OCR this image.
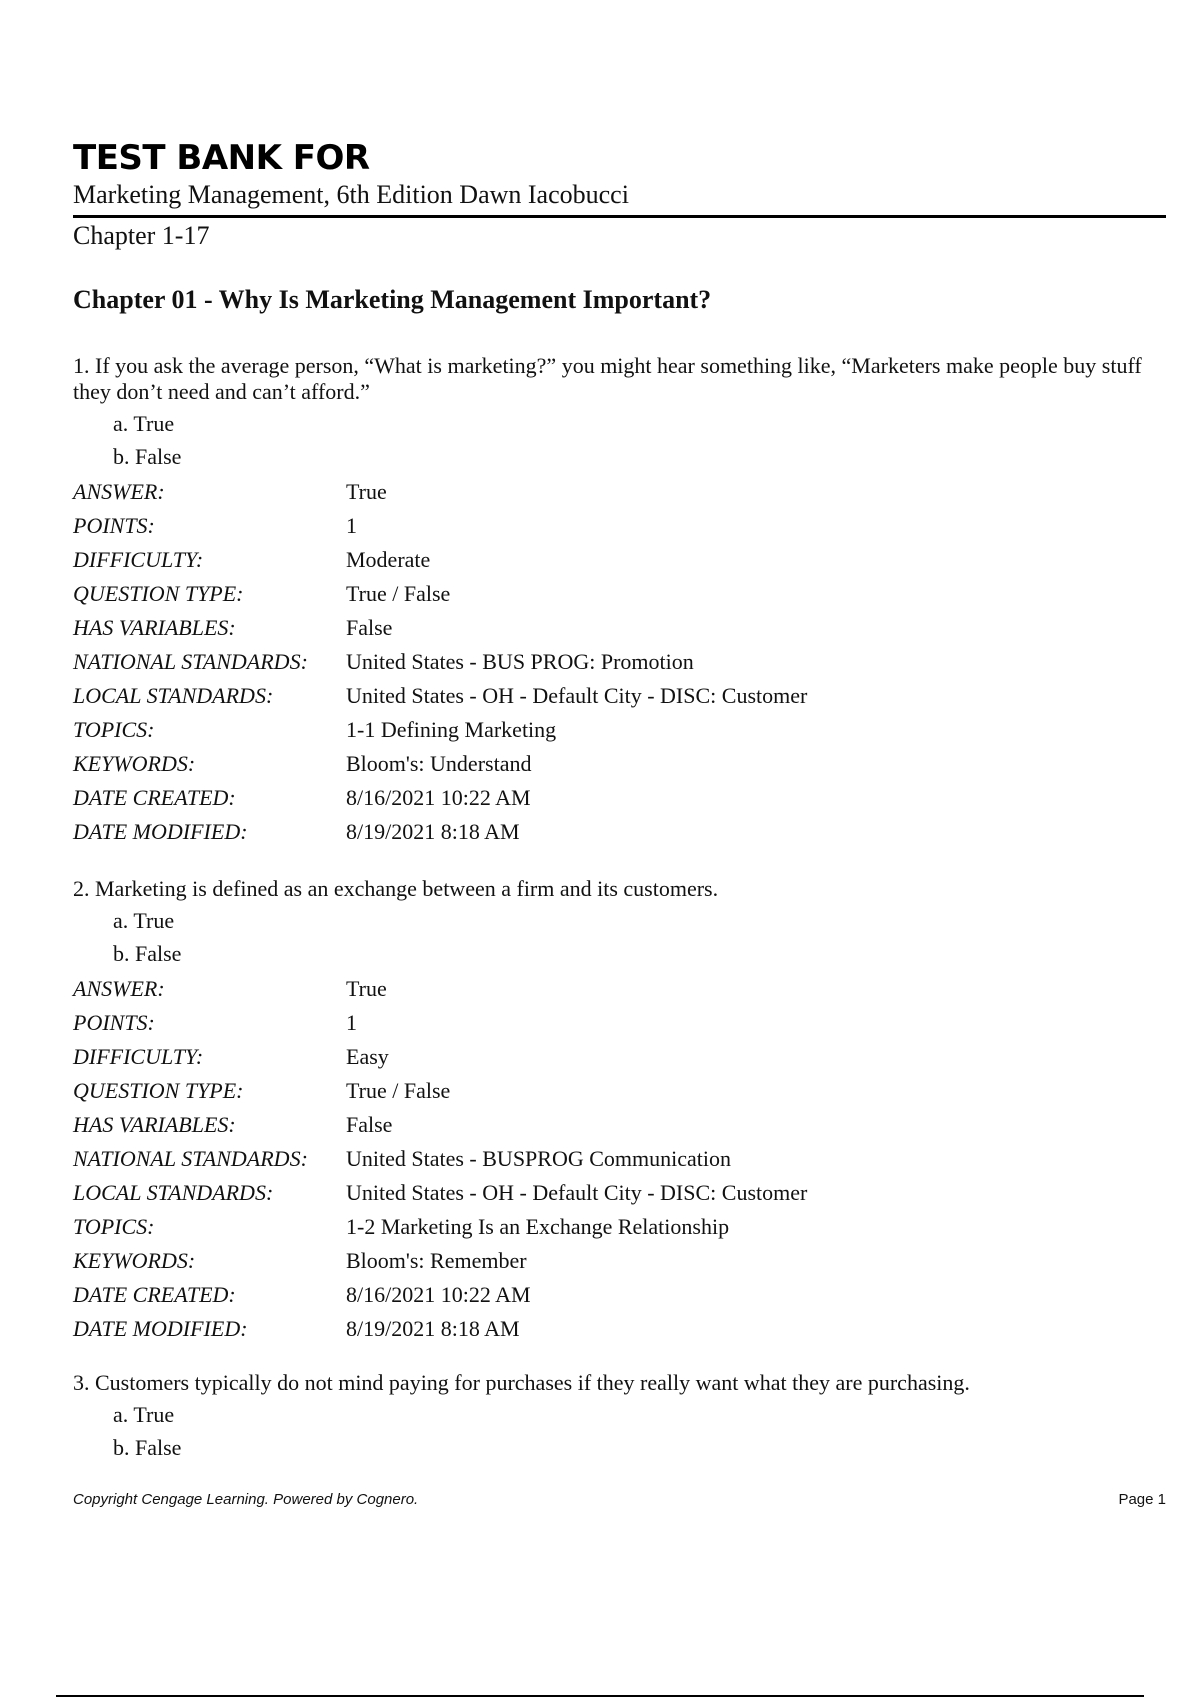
TEST BANK FOR

Marketing Management, 6th Edition Dawn Iacobucci

Chapter 1-17

Chapter 01 - Why Is Marketing Management Important?

1. If you ask the average person, “What is marketing?” you might hear something like, “Marketers make people buy stuff they don’t need and can’t afford.”

a. True
b. False
ANSWER:	True
POINTS:	1
DIFFICULTY:	Moderate
QUESTION TYPE:	True / False
HAS VARIABLES:	False
NATIONAL STANDARDS:	United States - BUS PROG: Promotion
LOCAL STANDARDS:	United States - OH - Default City - DISC: Customer
TOPICS:	1-1 Defining Marketing
KEYWORDS:	Bloom's: Understand
DATE CREATED:	8/16/2021 10:22 AM
DATE MODIFIED:	8/19/2021 8:18 AM

2. Marketing is defined as an exchange between a firm and its customers.

a. True
b. False
ANSWER:	True
POINTS:	1
DIFFICULTY:	Easy
QUESTION TYPE:	True / False
HAS VARIABLES:	False
NATIONAL STANDARDS:	United States - BUSPROG Communication
LOCAL STANDARDS:	United States - OH - Default City - DISC: Customer
TOPICS:	1-2 Marketing Is an Exchange Relationship
KEYWORDS:	Bloom's: Remember
DATE CREATED:	8/16/2021 10:22 AM
DATE MODIFIED:	8/19/2021 8:18 AM

3. Customers typically do not mind paying for purchases if they really want what they are purchasing.

a. True
b. False
Copyright Cengage Learning. Powered by Cognero.	Page 1
